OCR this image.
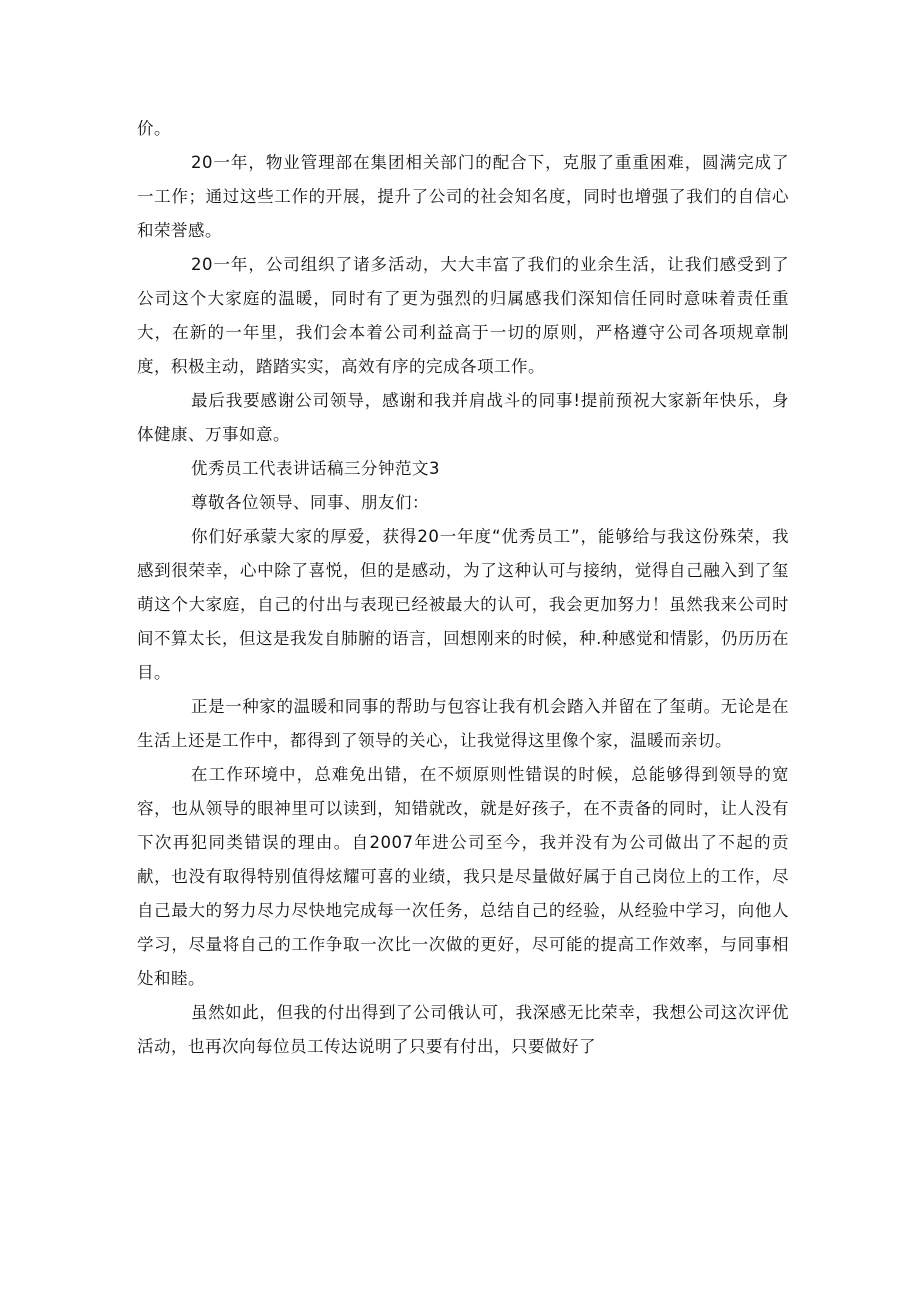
价。

20一年，物业管理部在集团相关部门的配合下，克服了重重困难，圆满完成了一工作；通过这些工作的开展，提升了公司的社会知名度，同时也增强了我们的自信心和荣誉感。

20一年，公司组织了诸多活动，大大丰富了我们的业余生活，让我们感受到了公司这个大家庭的温暖，同时有了更为强烈的归属感我们深知信任同时意味着责任重大，在新的一年里，我们会本着公司利益高于一切的原则，严格遵守公司各项规章制度，积极主动，踏踏实实，高效有序的完成各项工作。

最后我要感谢公司领导，感谢和我并肩战斗的同事!提前预祝大家新年快乐，身体健康、万事如意。

优秀员工代表讲话稿三分钟范文3

尊敬各位领导、同事、朋友们：

你们好承蒙大家的厚爱，获得20一年度“优秀员工”，能够给与我这份殊荣，我感到很荣幸，心中除了喜悦，但的是感动，为了这种认可与接纳，觉得自己融入到了玺萌这个大家庭，自己的付出与表现已经被最大的认可，我会更加努力！虽然我来公司时间不算太长，但这是我发自肺腑的语言，回想刚来的时候，种.种感觉和情影，仍历历在目。

正是一种家的温暖和同事的帮助与包容让我有机会踏入并留在了玺萌。无论是在生活上还是工作中，都得到了领导的关心，让我觉得这里像个家，温暖而亲切。

在工作环境中，总难免出错，在不烦原则性错误的时候，总能够得到领导的宽容，也从领导的眼神里可以读到，知错就改，就是好孩子，在不责备的同时，让人没有下次再犯同类错误的理由。自2007年进公司至今，我并没有为公司做出了不起的贡献，也没有取得特别值得炫耀可喜的业绩，我只是尽量做好属于自己岗位上的工作，尽自己最大的努力尽力尽快地完成每一次任务，总结自己的经验，从经验中学习，向他人学习，尽量将自己的工作争取一次比一次做的更好，尽可能的提高工作效率，与同事相处和睦。

虽然如此，但我的付出得到了公司俄认可，我深感无比荣幸，我想公司这次评优活动，也再次向每位员工传达说明了只要有付出，只要做好了
